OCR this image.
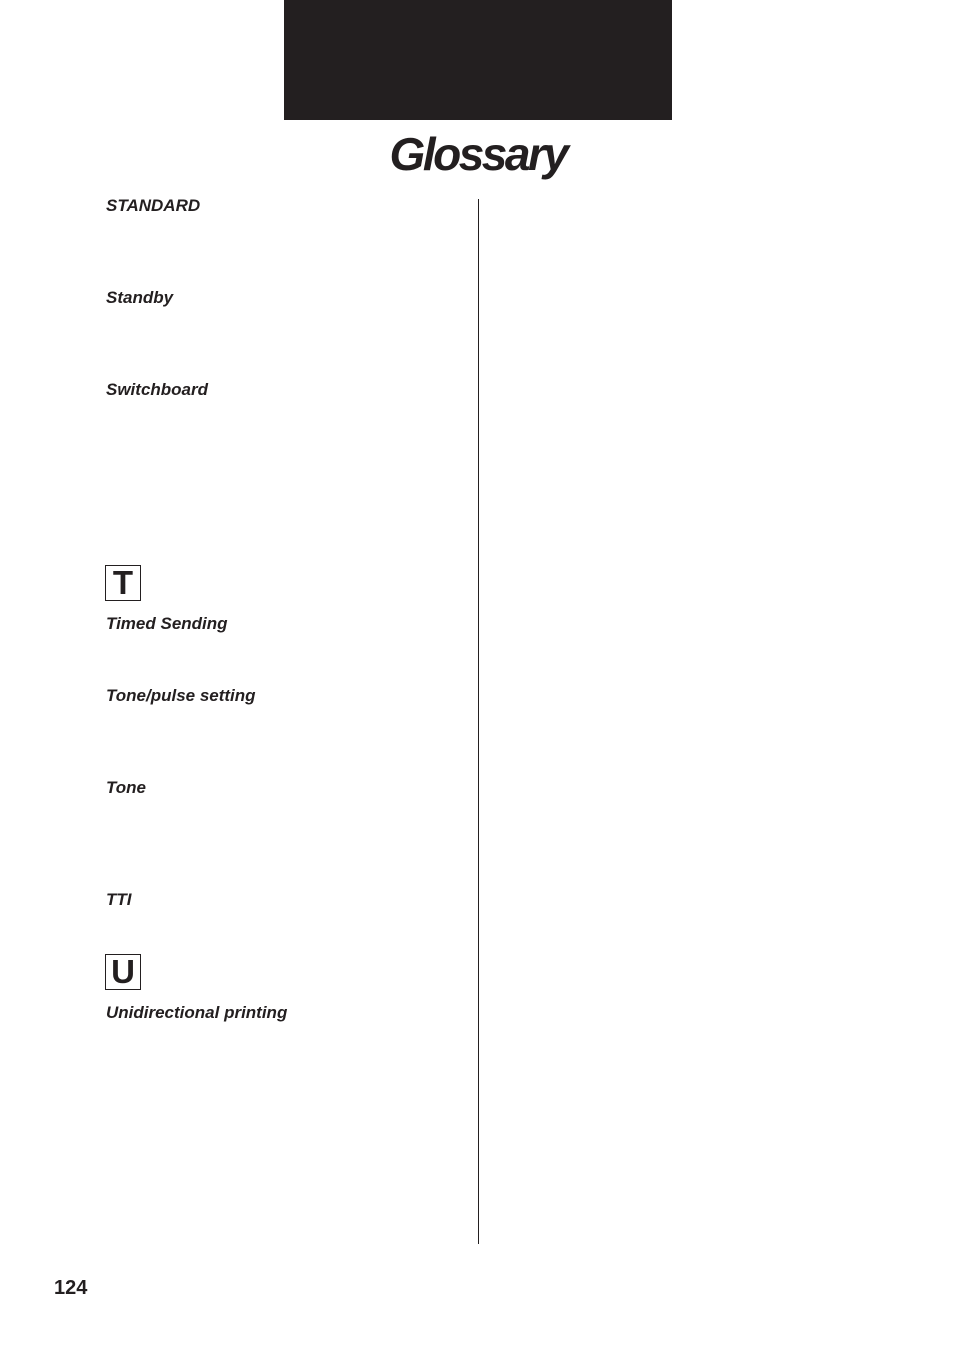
Glossary

STANDARD

Standby

Switchboard

T

Timed Sending

Tone/pulse setting

Tone

TTI

U

Unidirectional printing

124
